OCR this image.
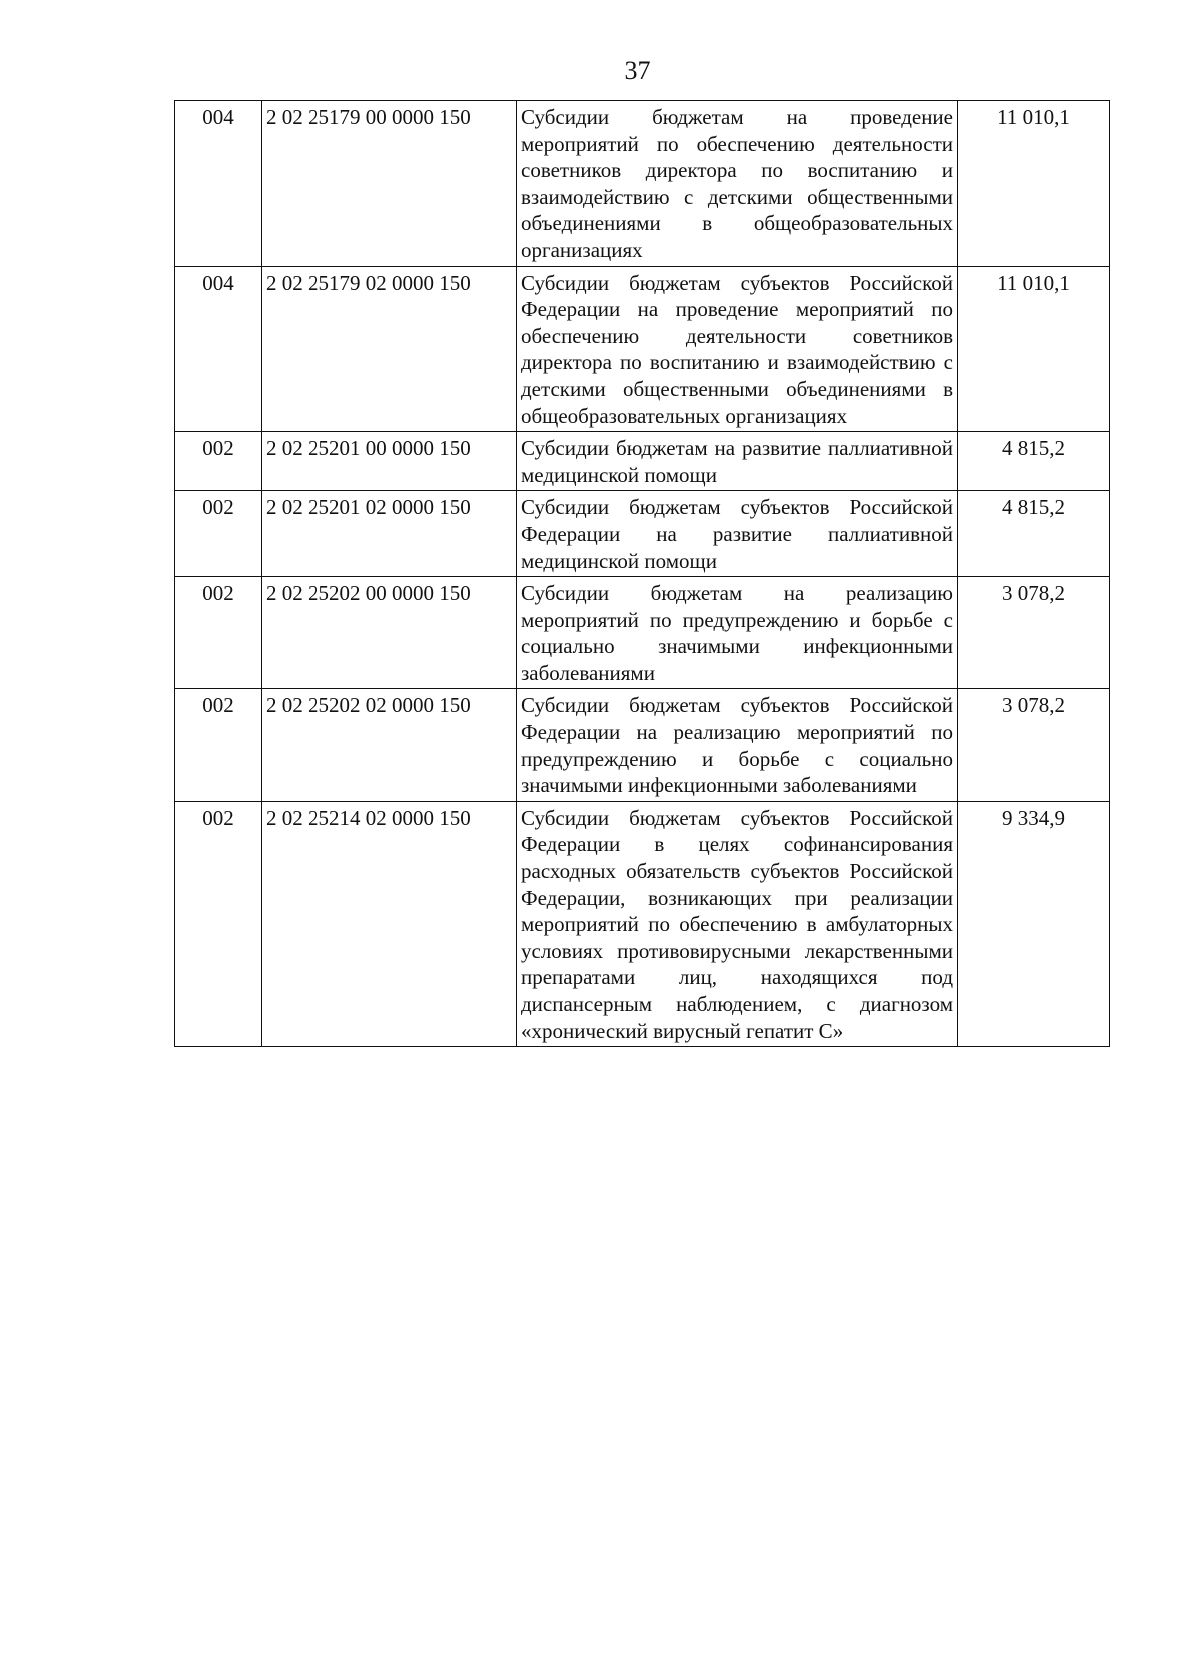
37
004	2 02 25179 00 0000 150	Субсидии бюджетам на проведение мероприятий по обеспечению деятельности советников директора по воспитанию и взаимодействию с детскими общественными объединениями в общеобразовательных организациях	11 010,1
004	2 02 25179 02 0000 150	Субсидии бюджетам субъектов Российской Федерации на проведение мероприятий по обеспечению деятельности советников директора по воспитанию и взаимодействию с детскими общественными объединениями в общеобразовательных организациях	11 010,1
002	2 02 25201 00 0000 150	Субсидии бюджетам на развитие паллиативной медицинской помощи	4 815,2
002	2 02 25201 02 0000 150	Субсидии бюджетам субъектов Российской Федерации на развитие паллиативной медицинской помощи	4 815,2
002	2 02 25202 00 0000 150	Субсидии бюджетам на реализацию мероприятий по предупреждению и борьбе с социально значимыми инфекционными заболеваниями	3 078,2
002	2 02 25202 02 0000 150	Субсидии бюджетам субъектов Российской Федерации на реализацию мероприятий по предупреждению и борьбе с социально значимыми инфекционными заболеваниями	3 078,2
002	2 02 25214 02 0000 150	Субсидии бюджетам субъектов Российской Федерации в целях софинансирования расходных обязательств субъектов Российской Федерации, возникающих при реализации мероприятий по обеспечению в амбулаторных условиях противовирусными лекарственными препаратами лиц, находящихся под диспансерным наблюдением, с диагнозом «хронический вирусный гепатит С»	9 334,9
